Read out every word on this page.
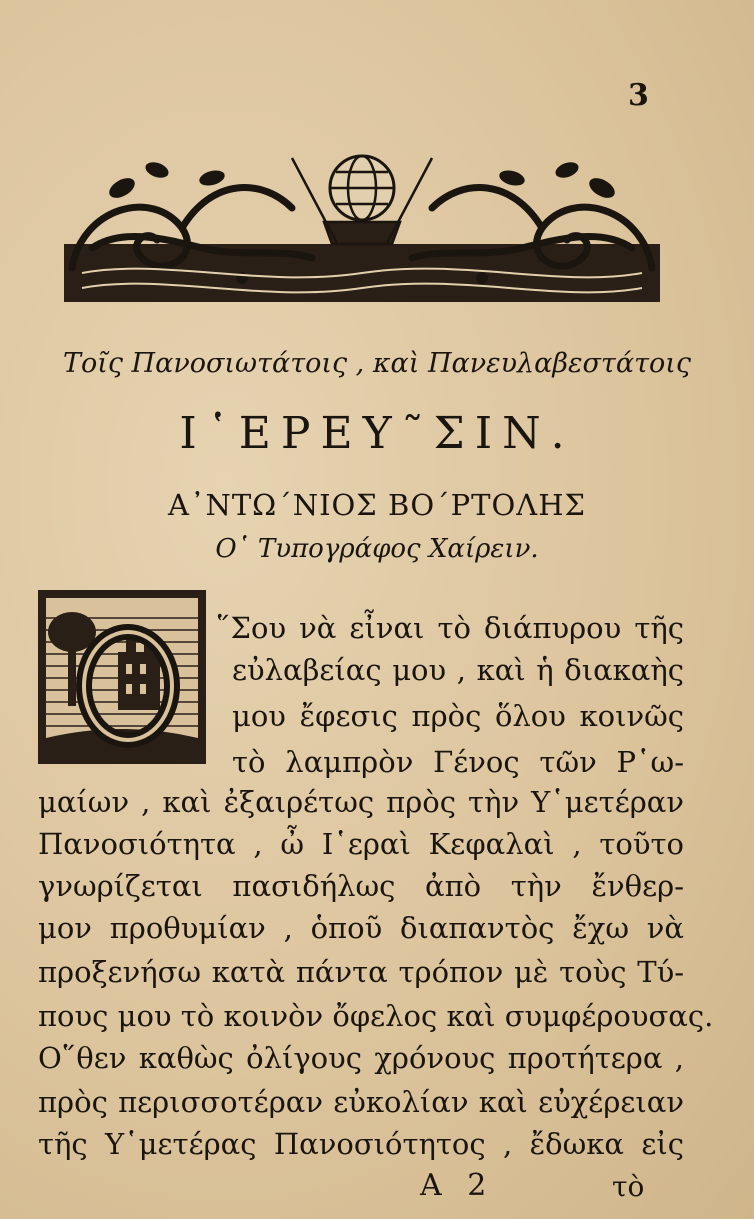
3
Τοῖς Πανοσιωτάτοις , καὶ Πανευλαβεστάτοις
Ι῾ΕΡΕΥ῀ΣΙΝ.
Α᾿ΝΤΩ΄ΝΙΟΣ ΒΟ΄ΡΤΟΛΗΣ
Ο῾ Τυπογράφος Χαίρειν.
῞Σου νὰ εἶναι τὸ διάπυρου τῆς
εὐλαβείας μου , καὶ ἡ διακαὴς
μου ἔφεσις πρὸς ὅλου κοινῶς
τὸ λαμπρὸν Γένος τῶν Ρ῾ω-
μαίων , καὶ ἐξαιρέτως πρὸς τὴν Υ῾μετέραν
Πανοσιότητα , ὦ Ι῾εραὶ Κεφαλαὶ , τοῦτο
γνωρίζεται πασιδήλως ἀπὸ τὴν ἔνθερ-
μον προθυμίαν , ὁποῦ διαπαντὸς ἔχω νὰ
προξενήσω κατὰ πάντα τρόπον μὲ τοὺς Τύ-
πους μου τὸ κοινὸν ὄφελος καὶ συμφέρουσας.
Ο῞θεν καθὼς ὀλίγους χρόνους προτήτερα ,
πρὸς περισσοτέραν εὐκολίαν καὶ εὐχέρειαν
τῆς Υ῾μετέρας Πανοσιότητος , ἔδωκα εἰς
Α 2	τὸ
